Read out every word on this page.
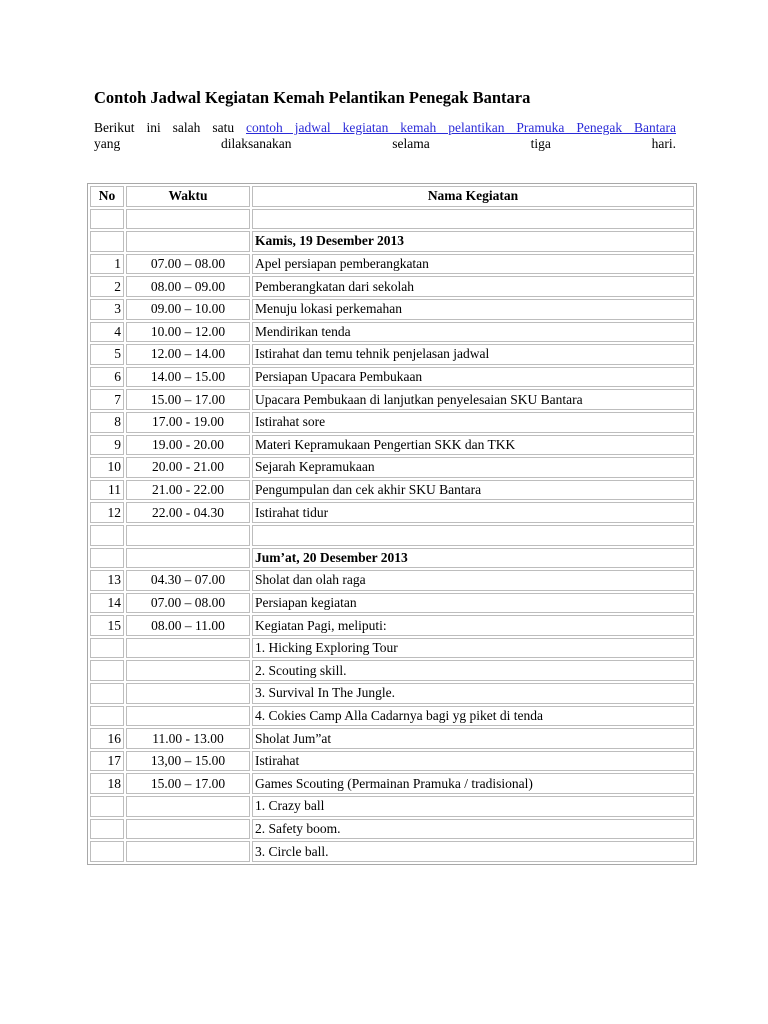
Contoh Jadwal Kegiatan Kemah Pelantikan Penegak Bantara
Berikut ini salah satu contoh jadwal kegiatan kemah pelantikan Pramuka Penegak Bantara
yang	dilaksanakan	selama	tiga	hari.
No	Waktu	Nama Kegiatan

		Kamis, 19 Desember 2013
1	07.00 – 08.00	Apel persiapan pemberangkatan
2	08.00 – 09.00	Pemberangkatan dari sekolah
3	09.00 – 10.00	Menuju lokasi perkemahan
4	10.00 – 12.00	Mendirikan tenda
5	12.00 – 14.00	Istirahat dan temu tehnik penjelasan jadwal
6	14.00 – 15.00	Persiapan Upacara Pembukaan
7	15.00 – 17.00	Upacara Pembukaan di lanjutkan penyelesaian SKU Bantara
8	17.00 - 19.00	Istirahat sore
9	19.00 - 20.00	Materi Kepramukaan Pengertian SKK dan TKK
10	20.00 - 21.00	Sejarah Kepramukaan
11	21.00 - 22.00	Pengumpulan dan cek akhir SKU Bantara
12	22.00 - 04.30	Istirahat tidur

		Jum’at, 20 Desember 2013
13	04.30 – 07.00	Sholat dan olah raga
14	07.00 – 08.00	Persiapan kegiatan
15	08.00 – 11.00	Kegiatan Pagi, meliputi:
		1. Hicking Exploring Tour
		2. Scouting skill.
		3. Survival In The Jungle.
		4. Cokies Camp Alla Cadarnya bagi yg piket di tenda
16	11.00 - 13.00	Sholat Jum”at
17	13,00 – 15.00	Istirahat
18	15.00 – 17.00	Games Scouting (Permainan Pramuka / tradisional)
		1. Crazy ball
		2. Safety boom.
		3. Circle ball.
